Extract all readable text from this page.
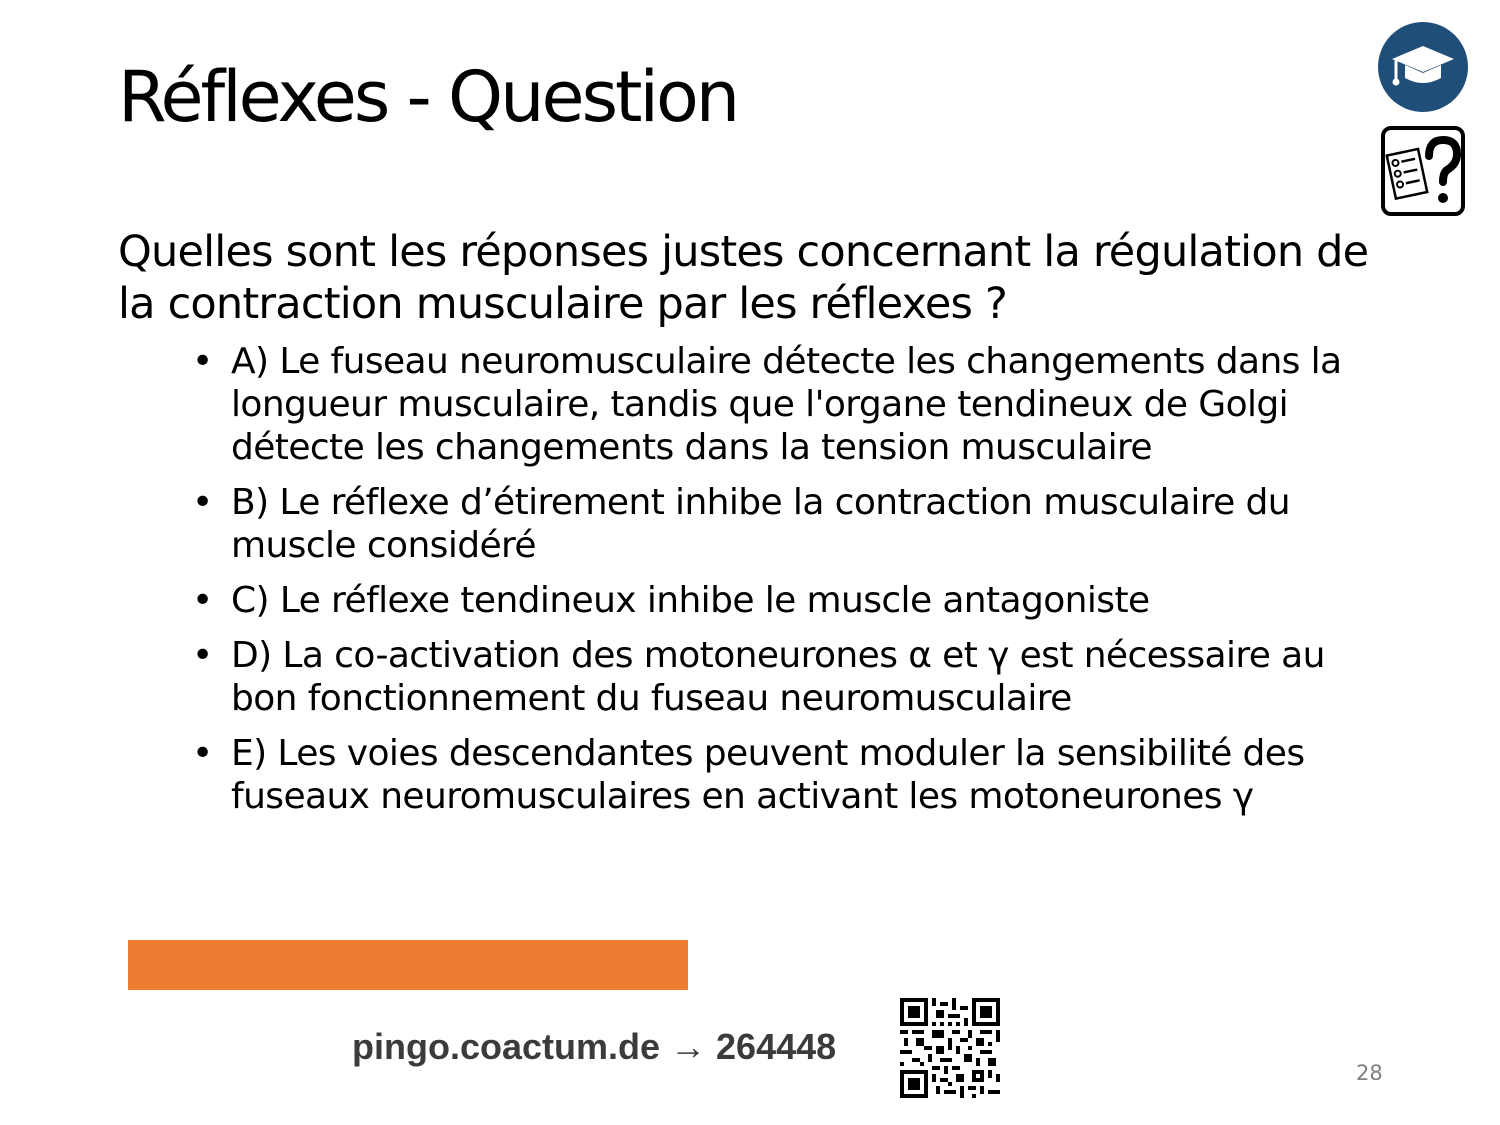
Réflexes - Question

Quelles sont les réponses justes concernant la régulation de la contraction musculaire par les réflexes ?

• A) Le fuseau neuromusculaire détecte les changements dans la longueur musculaire, tandis que l'organe tendineux de Golgi détecte les changements dans la tension musculaire
• B) Le réflexe d’étirement inhibe la contraction musculaire du muscle considéré
• C) Le réflexe tendineux inhibe le muscle antagoniste
• D) La co-activation des motoneurones α et γ est nécessaire au bon fonctionnement du fuseau neuromusculaire
• E) Les voies descendantes peuvent moduler la sensibilité des fuseaux neuromusculaires en activant les motoneurones γ
pingo.coactum.de → 264448
28
